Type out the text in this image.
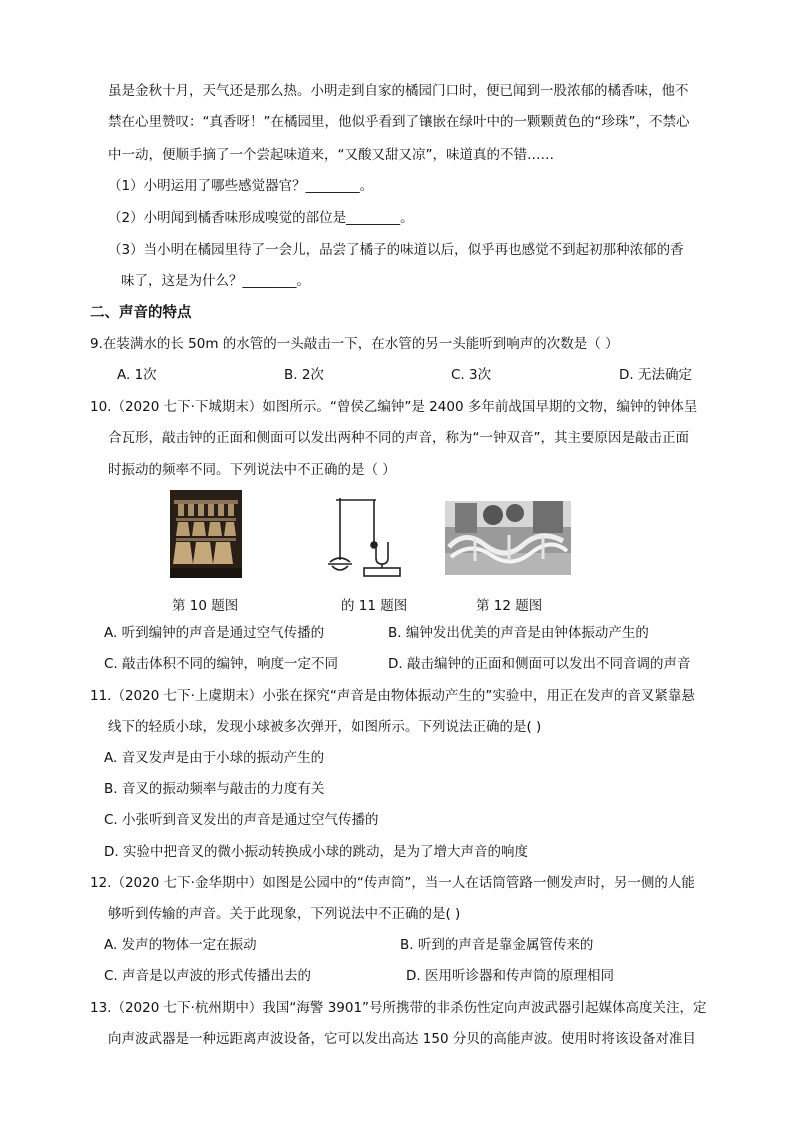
虽是金秋十月，天气还是那么热。小明走到自家的橘园门口时，便已闻到一股浓郁的橘香味，他不
禁在心里赞叹：“真香呀！”在橘园里，他似乎看到了镶嵌在绿叶中的一颗颗黄色的“珍珠”，不禁心
中一动，便顺手摘了一个尝起味道来，“又酸又甜又凉”，味道真的不错……
（1）小明运用了哪些感觉器官？________。
（2）小明闻到橘香味形成嗅觉的部位是________。
（3）当小明在橘园里待了一会儿，品尝了橘子的味道以后，似乎再也感觉不到起初那种浓郁的香
味了，这是为什么？________。
二、声音的特点
9.在装满水的长 50m 的水管的一头敲击一下，在水管的另一头能听到响声的次数是（ ）
A. 1次	B. 2次	C. 3次	D. 无法确定
10.（2020 七下·下城期末）如图所示。“曾侯乙编钟”是 2400 多年前战国早期的文物，编钟的钟体呈
合瓦形，敲击钟的正面和侧面可以发出两种不同的声音，称为“一钟双音”，其主要原因是敲击正面
时振动的频率不同。下列说法中不正确的是（ ）
第 10 题图	的 11 题图	第 12 题图
A. 听到编钟的声音是通过空气传播的	B. 编钟发出优美的声音是由钟体振动产生的
C. 敲击体积不同的编钟，响度一定不同	D. 敲击编钟的正面和侧面可以发出不同音调的声音
11.（2020 七下·上虞期末）小张在探究“声音是由物体振动产生的”实验中，用正在发声的音叉紧靠悬
线下的轻质小球，发现小球被多次弹开，如图所示。下列说法正确的是( )
A. 音叉发声是由于小球的振动产生的
B. 音叉的振动频率与敲击的力度有关
C. 小张听到音叉发出的声音是通过空气传播的
D. 实验中把音叉的微小振动转换成小球的跳动，是为了增大声音的响度
12.（2020 七下·金华期中）如图是公园中的“传声筒”，当一人在话筒管路一侧发声时，另一侧的人能
够听到传输的声音。关于此现象，下列说法中不正确的是( )
A. 发声的物体一定在振动	B. 听到的声音是靠金属管传来的
C. 声音是以声波的形式传播出去的	D. 医用听诊器和传声筒的原理相同
13.（2020 七下·杭州期中）我国“海警 3901”号所携带的非杀伤性定向声波武器引起媒体高度关注，定
向声波武器是一种远距离声波设备，它可以发出高达 150 分贝的高能声波。使用时将该设备对准目
